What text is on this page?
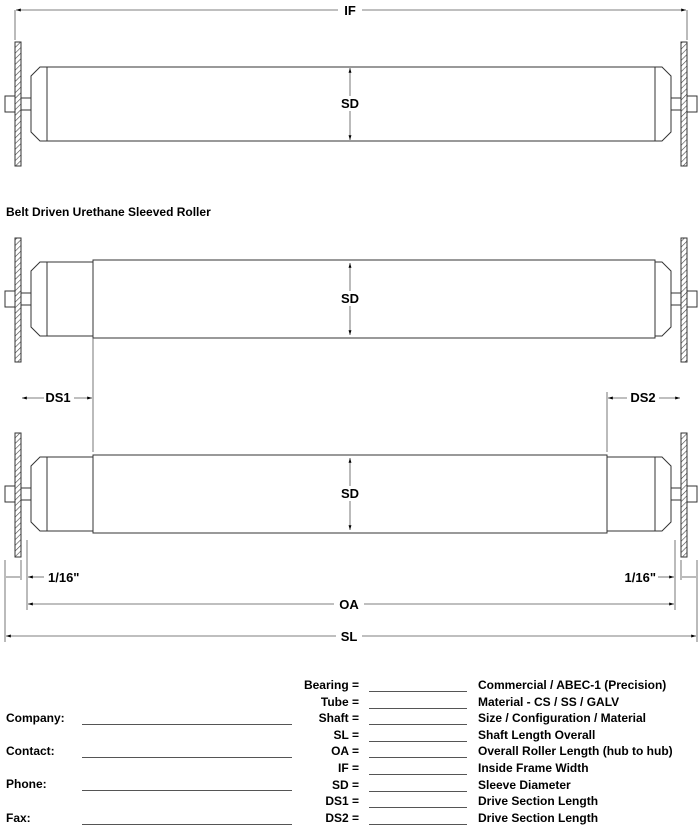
IF
SD
SD
DS1	DS2
SD
1/16"	1/16"
OA
SL
Belt Driven Urethane Sleeved Roller
Company:
Contact:
Phone:
Fax:
Bearing =	Commercial / ABEC-1 (Precision)
Tube =	Material - CS / SS / GALV
Shaft =	Size / Configuration / Material
SL =	Shaft Length Overall
OA =	Overall Roller Length (hub to hub)
IF =	Inside Frame Width
SD =	Sleeve Diameter
DS1 =	Drive Section Length
DS2 =	Drive Section Length
